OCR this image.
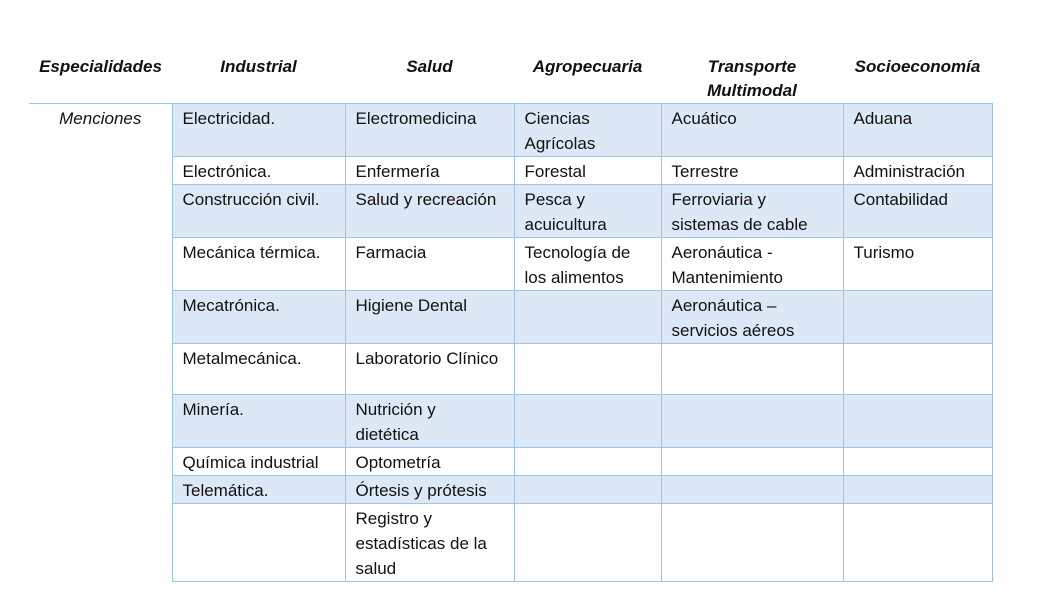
Especialidades	Industrial	Salud	Agropecuaria	Transporte Multimodal	Socioeconomía
Menciones	Electricidad.	Electromedicina	Ciencias Agrícolas	Acuático	Aduana
	Electrónica.	Enfermería	Forestal	Terrestre	Administración
	Construcción civil.	Salud y recreación	Pesca y acuicultura	Ferroviaria y sistemas de cable	Contabilidad
	Mecánica térmica.	Farmacia	Tecnología de los alimentos	Aeronáutica - Mantenimiento	Turismo
	Mecatrónica.	Higiene Dental		Aeronáutica – servicios aéreos	
	Metalmecánica.	Laboratorio Clínico			
	Minería.	Nutrición y dietética			
	Química industrial	Optometría			
	Telemática.	Órtesis y prótesis			
		Registro y estadísticas de la salud			
